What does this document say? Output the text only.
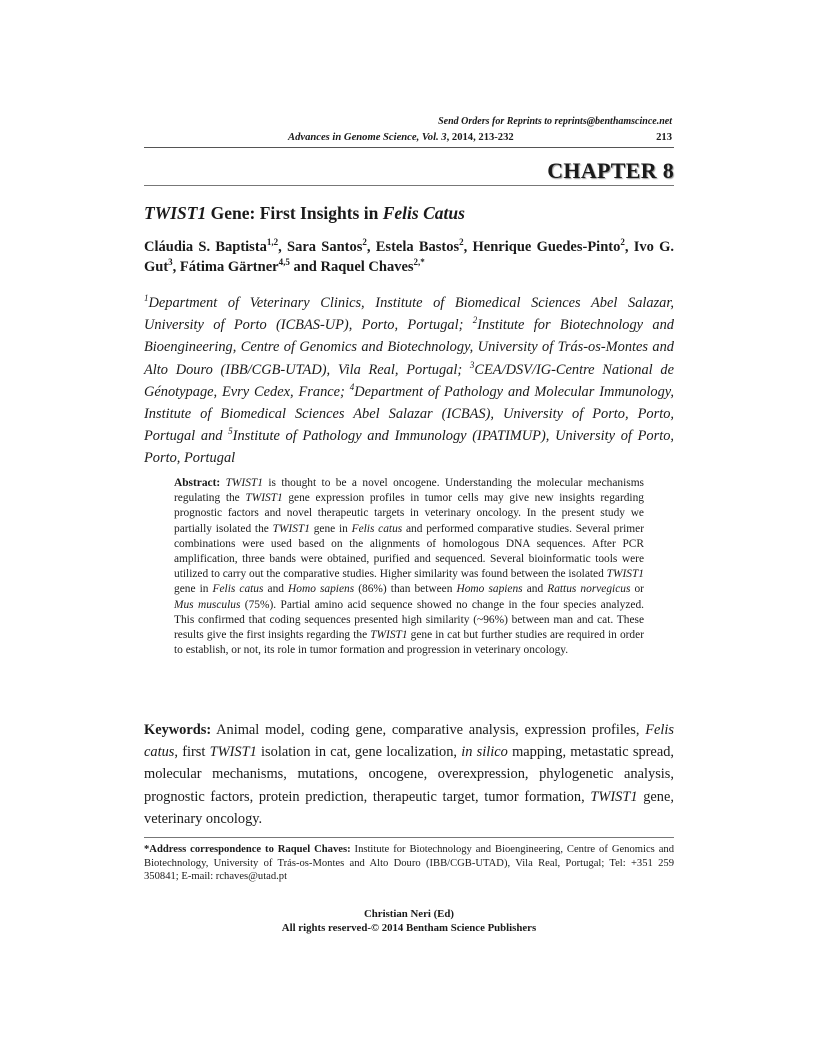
Send Orders for Reprints to reprints@benthamscince.net
Advances in Genome Science, Vol. 3, 2014, 213-232	213
CHAPTER 8
TWIST1 Gene: First Insights in Felis Catus
Cláudia S. Baptista$^{1,2}$, Sara Santos$^2$, Estela Bastos$^2$, Henrique Guedes-Pinto$^2$, Ivo G. Gut$^3$, Fátima Gärtner$^{4,5}$ and Raquel Chaves$^{2,*}$
$^1$Department of Veterinary Clinics, Institute of Biomedical Sciences Abel Salazar, University of Porto (ICBAS-UP), Porto, Portugal; $^2$Institute for Biotechnology and Bioengineering, Centre of Genomics and Biotechnology, University of Trás-os-Montes and Alto Douro (IBB/CGB-UTAD), Vila Real, Portugal; $^3$CEA/DSV/IG-Centre National de Génotypage, Evry Cedex, France; $^4$Department of Pathology and Molecular Immunology, Institute of Biomedical Sciences Abel Salazar (ICBAS), University of Porto, Porto, Portugal and $^5$Institute of Pathology and Immunology (IPATIMUP), University of Porto, Porto, Portugal
Abstract: TWIST1 is thought to be a novel oncogene. Understanding the molecular mechanisms regulating the TWIST1 gene expression profiles in tumor cells may give new insights regarding prognostic factors and novel therapeutic targets in veterinary oncology. In the present study we partially isolated the TWIST1 gene in Felis catus and performed comparative studies. Several primer combinations were used based on the alignments of homologous DNA sequences. After PCR amplification, three bands were obtained, purified and sequenced. Several bioinformatic tools were utilized to carry out the comparative studies. Higher similarity was found between the isolated TWIST1 gene in Felis catus and Homo sapiens (86%) than between Homo sapiens and Rattus norvegicus or Mus musculus (75%). Partial amino acid sequence showed no change in the four species analyzed. This confirmed that coding sequences presented high similarity (~96%) between man and cat. These results give the first insights regarding the TWIST1 gene in cat but further studies are required in order to establish, or not, its role in tumor formation and progression in veterinary oncology.
Keywords: Animal model, coding gene, comparative analysis, expression profiles, Felis catus, first TWIST1 isolation in cat, gene localization, in silico mapping, metastatic spread, molecular mechanisms, mutations, oncogene, overexpression, phylogenetic analysis, prognostic factors, protein prediction, therapeutic target, tumor formation, TWIST1 gene, veterinary oncology.
*Address correspondence to Raquel Chaves: Institute for Biotechnology and Bioengineering, Centre of Genomics and Biotechnology, University of Trás-os-Montes and Alto Douro (IBB/CGB-UTAD), Vila Real, Portugal; Tel: +351 259 350841; E-mail: rchaves@utad.pt
Christian Neri (Ed)
All rights reserved-© 2014 Bentham Science Publishers
